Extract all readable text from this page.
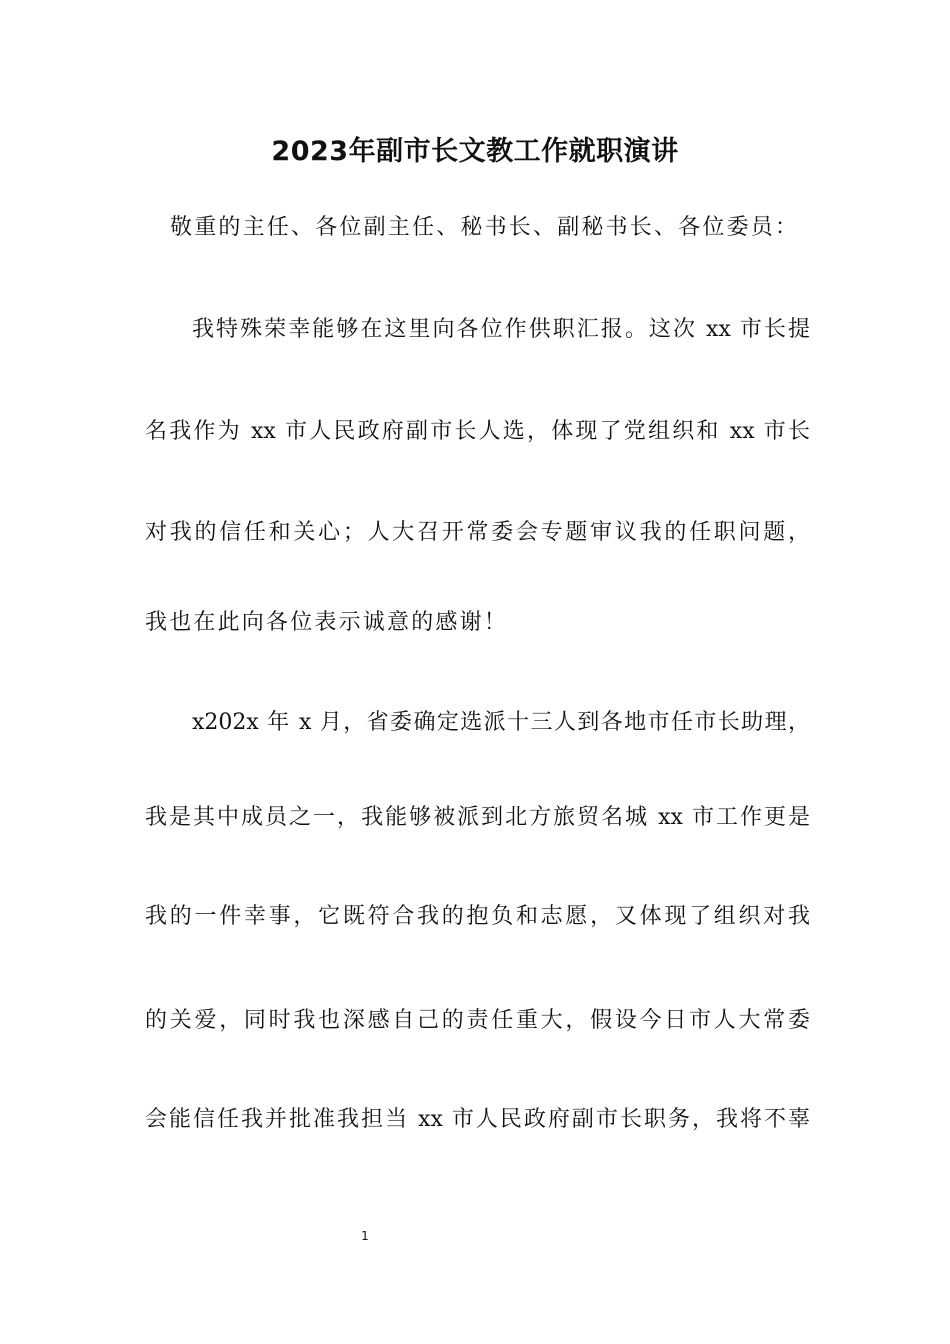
2023年副市长文教工作就职演讲
敬重的主任、各位副主任、秘书长、副秘书长、各位委员：
我特殊荣幸能够在这里向各位作供职汇报。这次 xx 市长提
名我作为 xx 市人民政府副市长人选，体现了党组织和 xx 市长
对我的信任和关心；人大召开常委会专题审议我的任职问题，
我也在此向各位表示诚意的感谢！
x202x 年 x 月，省委确定选派十三人到各地市任市长助理，
我是其中成员之一，我能够被派到北方旅贸名城 xx 市工作更是
我的一件幸事，它既符合我的抱负和志愿，又体现了组织对我
的关爱，同时我也深感自己的责任重大，假设今日市人大常委
会能信任我并批准我担当 xx 市人民政府副市长职务，我将不辜
1
